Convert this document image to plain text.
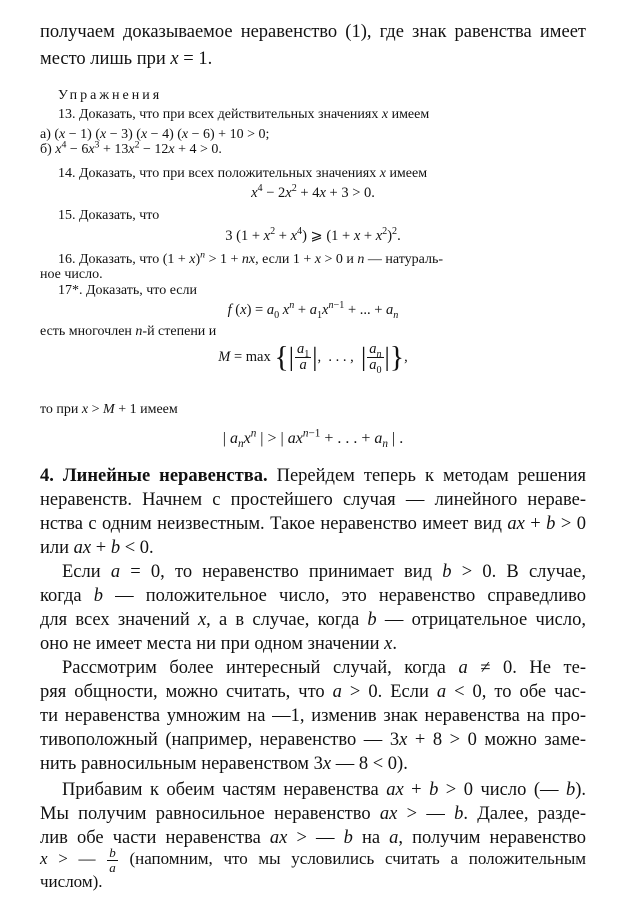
получаем доказываемое неравенство (1), где знак равенства имеет
место лишь при x = 1.
Упражнения
13. Доказать, что при всех действительных значениях x имеем
а) (x − 1) (x − 3) (x − 4) (x − 6) + 10 > 0;
б) $x^4 - 6x^3 + 13x^2 - 12x + 4 > 0$.
14. Доказать, что при всех положительных значениях x имеем
$x^4 - 2x^2 + 4x + 3 > 0$.
15. Доказать, что
3 $(1 + x^2 + x^4)$ ⩾ $(1 + x + x^2)^2$.
16. Доказать, что $(1 + x)^n > 1$ + nx, если 1 + x > 0 и n — натураль-
ное число.
17*. Доказать, что если
f $(x) = a_0$ $x^n + a_1x^{n-1}$ + ... + $a_n$
есть многочлен n-й степени и
M = max {| $\frac{a_1}{a}$ |,  . . . ,  | $\frac{a_n}{a_0}$ |},
то при x > M + 1 имеем
| $a_nx^n$ | > | $ax^{n-1}$ + . . . + $a_n$ | .
4. Линейные неравенства. Перейдем теперь к методам решения
неравенств. Начнем с простейшего случая — линейного нераве-
нства с одним неизвестным. Такое неравенство имеет вид ax + b > 0
или ax + b < 0.
Если a = 0, то неравенство принимает вид b > 0. В случае,
когда b — положительное число, это неравенство справедливо
для всех значений x, а в случае, когда b — отрицательное число,
оно не имеет места ни при одном значении x.
Рассмотрим более интересный случай, когда a ≠ 0. Не те-
ряя общности, можно считать, что a > 0. Если a < 0, то обе час-
ти неравенства умножим на —1, изменив знак неравенства на про-
тивоположный (например, неравенство — 3x + 8 > 0 можно заме-
нить равносильным неравенством 3x — 8 < 0).
Прибавим к обеим частям неравенства ax + b > 0 число (— b).
Мы получим равносильное неравенство ax > — b. Далее, разде-
лив обе части неравенства ax > — b на a, получим неравенство
x > — $\frac{b}{a}$ (напомним, что мы условились считать a положительным
числом).
